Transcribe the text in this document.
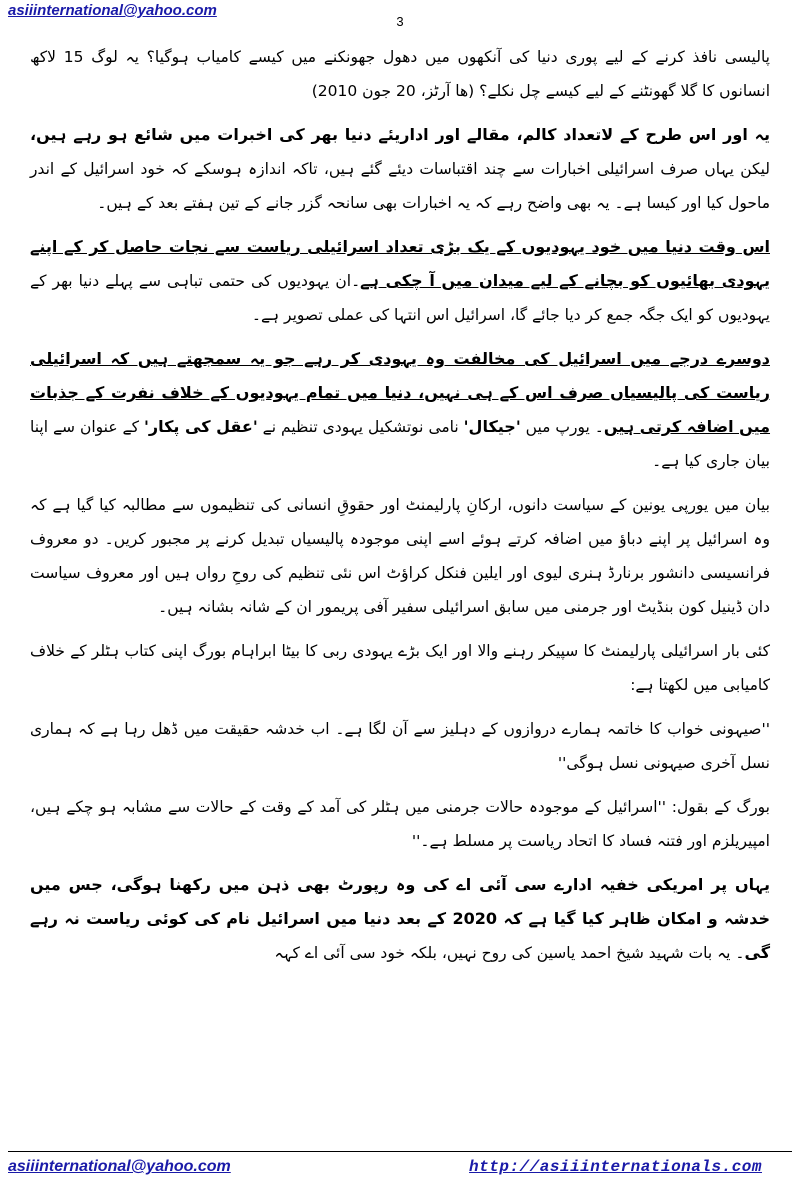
asiiinternational@yahoo.com
3

پالیسی نافذ کرنے کے لیے پوری دنیا کی آنکھوں میں دھول جھونکنے میں کیسے کامیاب ہوگیا؟ یہ لوگ 15 لاکھ انسانوں کا گلا گھونٹنے کے لیے کیسے چل نکلے؟ (ھا آرٹز، 20 جون 2010)

یہ اور اس طرح کے لاتعداد کالم، مقالے اور اداریئے دنیا بھر کی اخبرات میں شائع ہو رہے ہیں، لیکن یہاں صرف اسرائیلی اخبارات سے چند اقتباسات دیئے گئے ہیں، تاکہ اندازہ ہوسکے کہ خود اسرائیل کے اندر ماحول کیا اور کیسا ہے۔ یہ بھی واضح رہے کہ یہ اخبارات بھی سانحہ گزر جانے کے تین ہفتے بعد کے ہیں۔

اس وقت دنیا میں خود یہودیوں کے یک بڑی تعداد اسرائیلی ریاست سے نجات حاصل کر کے اپنے یہودی بھائیوں کو بچانے کے لیے میدان میں آ چکی ہے۔ان یہودیوں کی حتمی تباہی سے پہلے دنیا بھر کے یہودیوں کو ایک جگہ جمع کر دیا جائے گا، اسرائیل اس انتہا کی عملی تصویر ہے۔

دوسرے درجے میں اسرائیل کی مخالفت وہ یہودی کر رہے جو یہ سمجھتے ہیں کہ اسرائیلی ریاست کی پالیسیاں صرف اس کے ہی نہیں، دنیا میں تمام یہودیوں کے خلاف نفرت کے جذبات میں اضافہ کرتی ہیں۔ یورپ میں 'جیکال' نامی نوتشکیل یہودی تنظیم نے 'عقل کی پکار' کے عنوان سے اپنا بیان جاری کیا ہے۔

بیان میں یورپی یونین کے سیاست دانوں، ارکانِ پارلیمنٹ اور حقوقِ انسانی کی تنظیموں سے مطالبہ کیا گیا ہے کہ وہ اسرائیل پر اپنے دباؤ میں اضافہ کرتے ہوئے اسے اپنی موجودہ پالیسیاں تبدیل کرنے پر مجبور کریں۔ دو معروف فرانسیسی دانشور برنارڈ ہنری لیوی اور ایلین فنکل کراؤٹ اس نئی تنظیم کی روحِ رواں ہیں اور معروف سیاست دان ڈینیل کون بنڈیٹ اور جرمنی میں سابق اسرائیلی سفیر آفی پریمور ان کے شانہ بشانہ ہیں۔

کئی بار اسرائیلی پارلیمنٹ کا سپیکر رہنے والا اور ایک بڑے یہودی ربی کا بیٹا ابراہام بورگ اپنی کتاب ہٹلر کے خلاف کامیابی میں لکھتا ہے:

''صیہونی خواب کا خاتمہ ہمارے دروازوں کے دہلیز سے آن لگا ہے۔ اب خدشہ حقیقت میں ڈھل رہا ہے کہ ہماری نسل آخری صیہونی نسل ہوگی''

بورگ کے بقول: ''اسرائیل کے موجودہ حالات جرمنی میں ہٹلر کی آمد کے وقت کے حالات سے مشابہ ہو چکے ہیں، امپیریلزم اور فتنہ فساد کا اتحاد ریاست پر مسلط ہے۔''

یہاں پر امریکی خفیہ ادارے سی آئی اے کی وہ رپورٹ بھی ذہن میں رکھنا ہوگی، جس میں خدشہ و امکان ظاہر کیا گیا ہے کہ 2020 کے بعد دنیا میں اسرائیل نام کی کوئی ریاست نہ رہے گی۔ یہ بات شہید شیخ احمد یاسین کی روح نہیں، بلکہ خود سی آئی اے کہہ

asiiinternational@yahoo.com	http://asiiinternationals.com
